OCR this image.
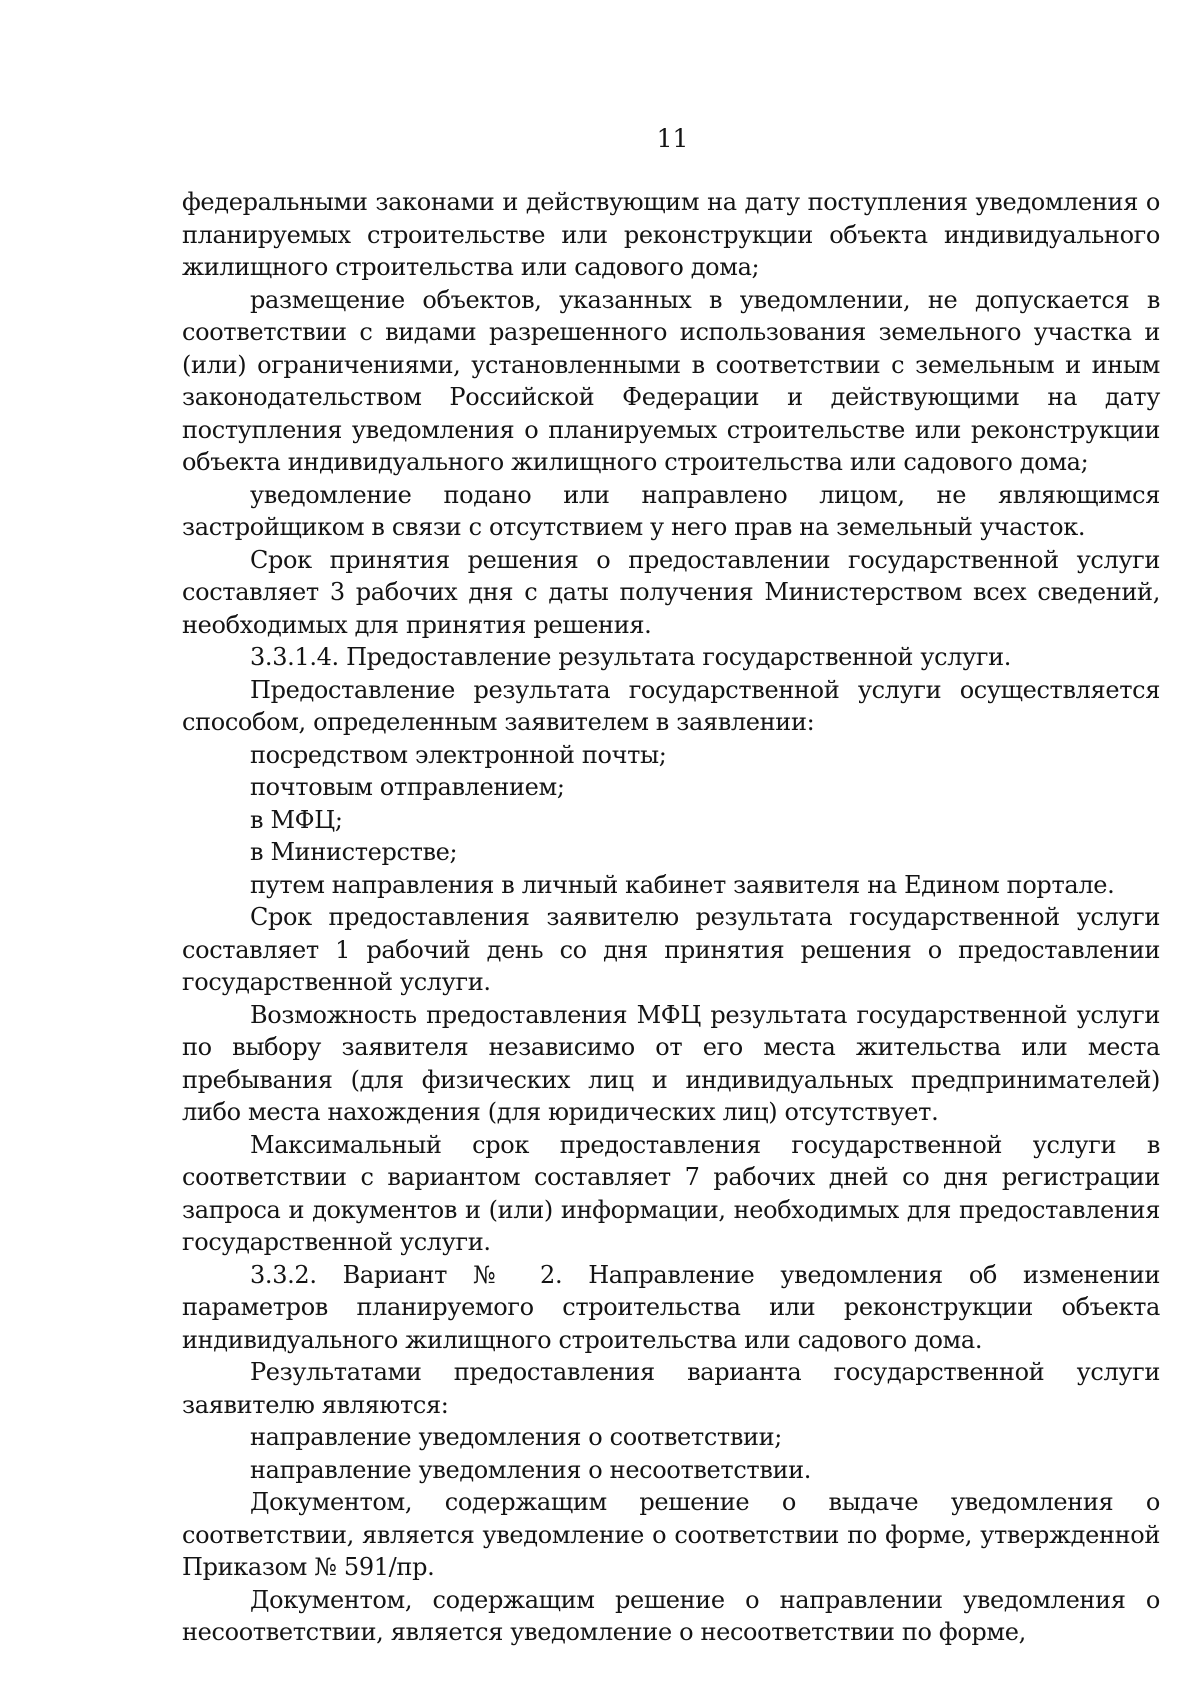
11

федеральными законами и действующим на дату поступления уведомления о планируемых строительстве или реконструкции объекта индивидуального жилищного строительства или садового дома;

размещение объектов, указанных в уведомлении, не допускается в соответствии с видами разрешенного использования земельного участка и (или) ограничениями, установленными в соответствии с земельным и иным законодательством Российской Федерации и действующими на дату поступления уведомления о планируемых строительстве или реконструкции объекта индивидуального жилищного строительства или садового дома;

уведомление подано или направлено лицом, не являющимся застройщиком в связи с отсутствием у него прав на земельный участок.

Срок принятия решения о предоставлении государственной услуги составляет 3 рабочих дня с даты получения Министерством всех сведений, необходимых для принятия решения.

3.3.1.4. Предоставление результата государственной услуги.

Предоставление результата государственной услуги осуществляется способом, определенным заявителем в заявлении:

посредством электронной почты;

почтовым отправлением;

в МФЦ;

в Министерстве;

путем направления в личный кабинет заявителя на Едином портале.

Срок предоставления заявителю результата государственной услуги составляет 1 рабочий день со дня принятия решения о предоставлении государственной услуги.

Возможность предоставления МФЦ результата государственной услуги по выбору заявителя независимо от его места жительства или места пребывания (для физических лиц и индивидуальных предпринимателей) либо места нахождения (для юридических лиц) отсутствует.

Максимальный срок предоставления государственной услуги в соответствии с вариантом составляет 7 рабочих дней со дня регистрации запроса и документов и (или) информации, необходимых для предоставления государственной услуги.

3.3.2. Вариант № 2. Направление уведомления об изменении параметров планируемого строительства или реконструкции объекта индивидуального жилищного строительства или садового дома.

Результатами предоставления варианта государственной услуги заявителю являются:

направление уведомления о соответствии;

направление уведомления о несоответствии.

Документом, содержащим решение о выдаче уведомления о соответствии, является уведомление о соответствии по форме, утвержденной Приказом № 591/пр.

Документом, содержащим решение о направлении уведомления о несоответствии, является уведомление о несоответствии по форме,
